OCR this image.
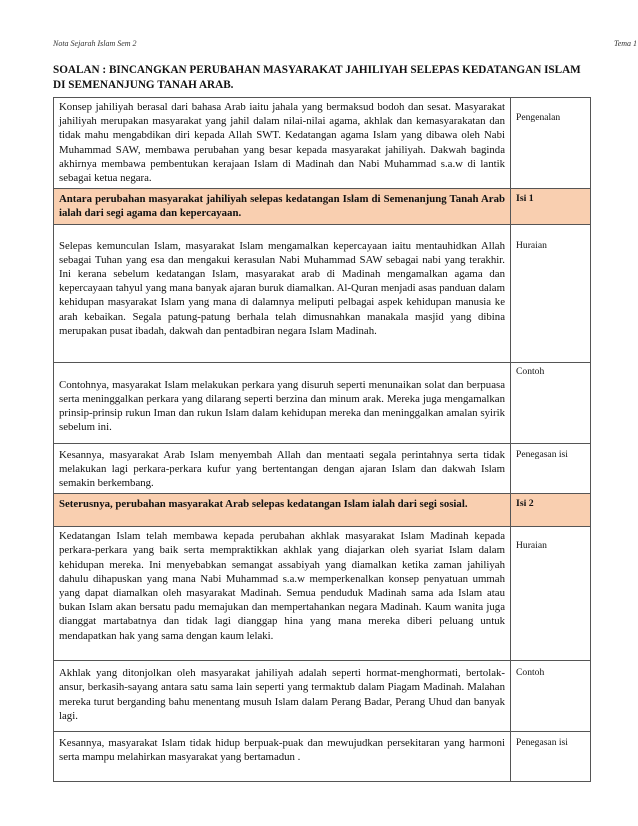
Nota Sejarah Islam Sem 2	Tema 1
SOALAN : BINCANGKAN PERUBAHAN MASYARAKAT JAHILIYAH SELEPAS KEDATANGAN ISLAM DI SEMENANJUNG TANAH ARAB.
Konsep jahiliyah berasal dari bahasa Arab iaitu jahala yang bermaksud bodoh dan sesat. Masyarakat jahiliyah merupakan masyarakat yang jahil dalam nilai-nilai agama, akhlak dan kemasyarakatan dan tidak mahu mengabdikan diri kepada Allah SWT. Kedatangan agama Islam yang dibawa oleh Nabi Muhammad SAW, membawa perubahan yang besar kepada masyarakat jahiliyah. Dakwah baginda akhirnya membawa pembentukan kerajaan Islam di Madinah dan Nabi Muhammad s.a.w di lantik sebagai ketua negara.	Pengenalan
Antara perubahan masyarakat jahiliyah selepas kedatangan Islam di Semenanjung Tanah Arab ialah dari segi agama dan kepercayaan.	Isi 1
Selepas kemunculan Islam, masyarakat Islam mengamalkan kepercayaan iaitu mentauhidkan Allah sebagai Tuhan yang esa dan mengakui kerasulan Nabi Muhammad SAW sebagai nabi yang terakhir. Ini kerana sebelum kedatangan Islam, masyarakat arab di Madinah mengamalkan agama dan kepercayaan tahyul yang mana banyak ajaran buruk diamalkan. Al-Quran menjadi asas panduan dalam kehidupan masyarakat Islam yang mana di dalamnya meliputi pelbagai aspek kehidupan manusia ke arah kebaikan. Segala patung-patung berhala telah dimusnahkan manakala masjid yang dibina merupakan pusat ibadah, dakwah dan pentadbiran negara Islam Madinah.	Huraian
Contohnya, masyarakat Islam melakukan perkara yang disuruh seperti menunaikan solat dan berpuasa serta meninggalkan perkara yang dilarang seperti berzina dan minum arak. Mereka juga mengamalkan prinsip-prinsip rukun Iman dan rukun Islam dalam kehidupan mereka dan meninggalkan amalan syirik sebelum ini.	Contoh
Kesannya, masyarakat Arab Islam menyembah Allah dan mentaati segala perintahnya serta tidak melakukan lagi perkara-perkara kufur yang bertentangan dengan ajaran Islam dan dakwah Islam semakin berkembang.	Penegasan isi
Seterusnya, perubahan masyarakat Arab selepas kedatangan Islam ialah dari segi sosial.	Isi 2
Kedatangan Islam telah membawa kepada perubahan akhlak masyarakat Islam Madinah kepada perkara-perkara yang baik serta mempraktikkan akhlak yang diajarkan oleh syariat Islam dalam kehidupan mereka. Ini menyebabkan semangat assabiyah yang diamalkan ketika zaman jahiliyah dahulu dihapuskan yang mana Nabi Muhammad s.a.w memperkenalkan konsep penyatuan ummah yang dapat diamalkan oleh masyarakat Madinah. Semua penduduk Madinah sama ada Islam atau bukan Islam akan bersatu padu memajukan dan mempertahankan negara Madinah. Kaum wanita juga dianggat martabatnya dan tidak lagi dianggap hina yang mana mereka diberi peluang untuk mendapatkan hak yang sama dengan kaum lelaki.	Huraian
Akhlak yang ditonjolkan oleh masyarakat jahiliyah adalah seperti hormat-menghormati, bertolak-ansur, berkasih-sayang antara satu sama lain seperti yang termaktub dalam Piagam Madinah. Malahan mereka turut berganding bahu menentang musuh Islam dalam Perang Badar, Perang Uhud dan banyak lagi.	Contoh
Kesannya, masyarakat Islam tidak hidup berpuak-puak dan mewujudkan persekitaran yang harmoni serta mampu melahirkan masyarakat yang bertamadun .	Penegasan isi
